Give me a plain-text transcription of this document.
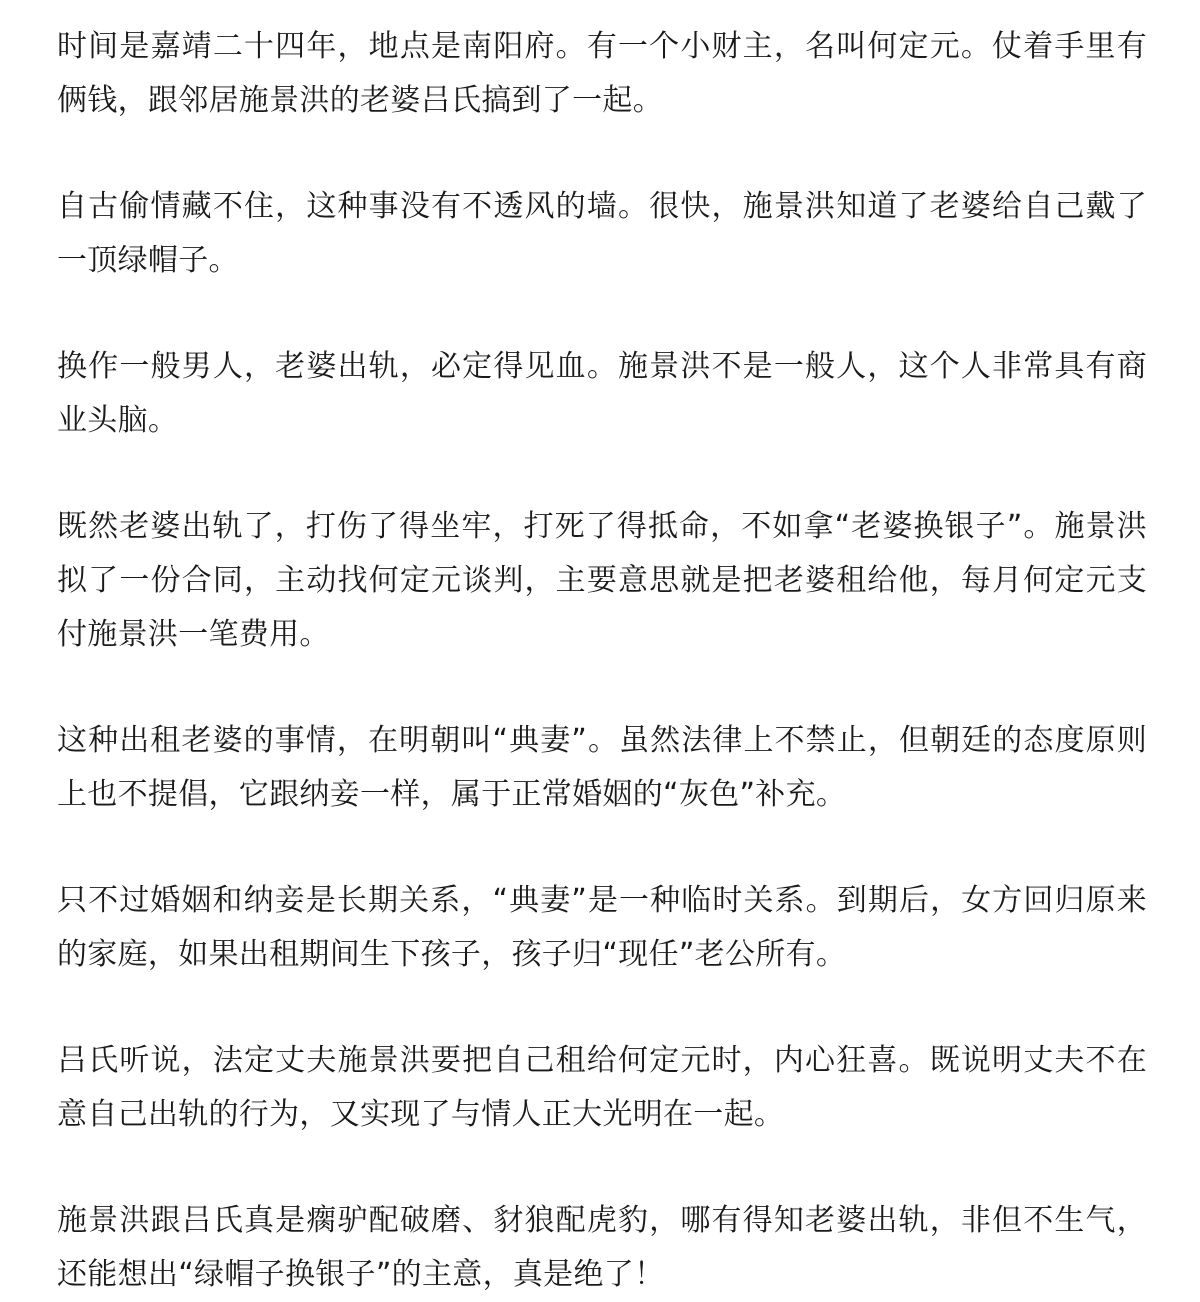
时间是嘉靖二十四年，地点是南阳府。有一个小财主，名叫何定元。仗着手里有俩钱，跟邻居施景洪的老婆吕氏搞到了一起。

自古偷情藏不住，这种事没有不透风的墙。很快，施景洪知道了老婆给自己戴了一顶绿帽子。

换作一般男人，老婆出轨，必定得见血。施景洪不是一般人，这个人非常具有商业头脑。

既然老婆出轨了，打伤了得坐牢，打死了得抵命，不如拿“老婆换银子”。施景洪拟了一份合同，主动找何定元谈判，主要意思就是把老婆租给他，每月何定元支付施景洪一笔费用。

这种出租老婆的事情，在明朝叫“典妻”。虽然法律上不禁止，但朝廷的态度原则上也不提倡，它跟纳妾一样，属于正常婚姻的“灰色”补充。

只不过婚姻和纳妾是长期关系，“典妻”是一种临时关系。到期后，女方回归原来的家庭，如果出租期间生下孩子，孩子归“现任”老公所有。

吕氏听说，法定丈夫施景洪要把自己租给何定元时，内心狂喜。既说明丈夫不在意自己出轨的行为，又实现了与情人正大光明在一起。

施景洪跟吕氏真是瘸驴配破磨、豺狼配虎豹，哪有得知老婆出轨，非但不生气，还能想出“绿帽子换银子”的主意，真是绝了！
